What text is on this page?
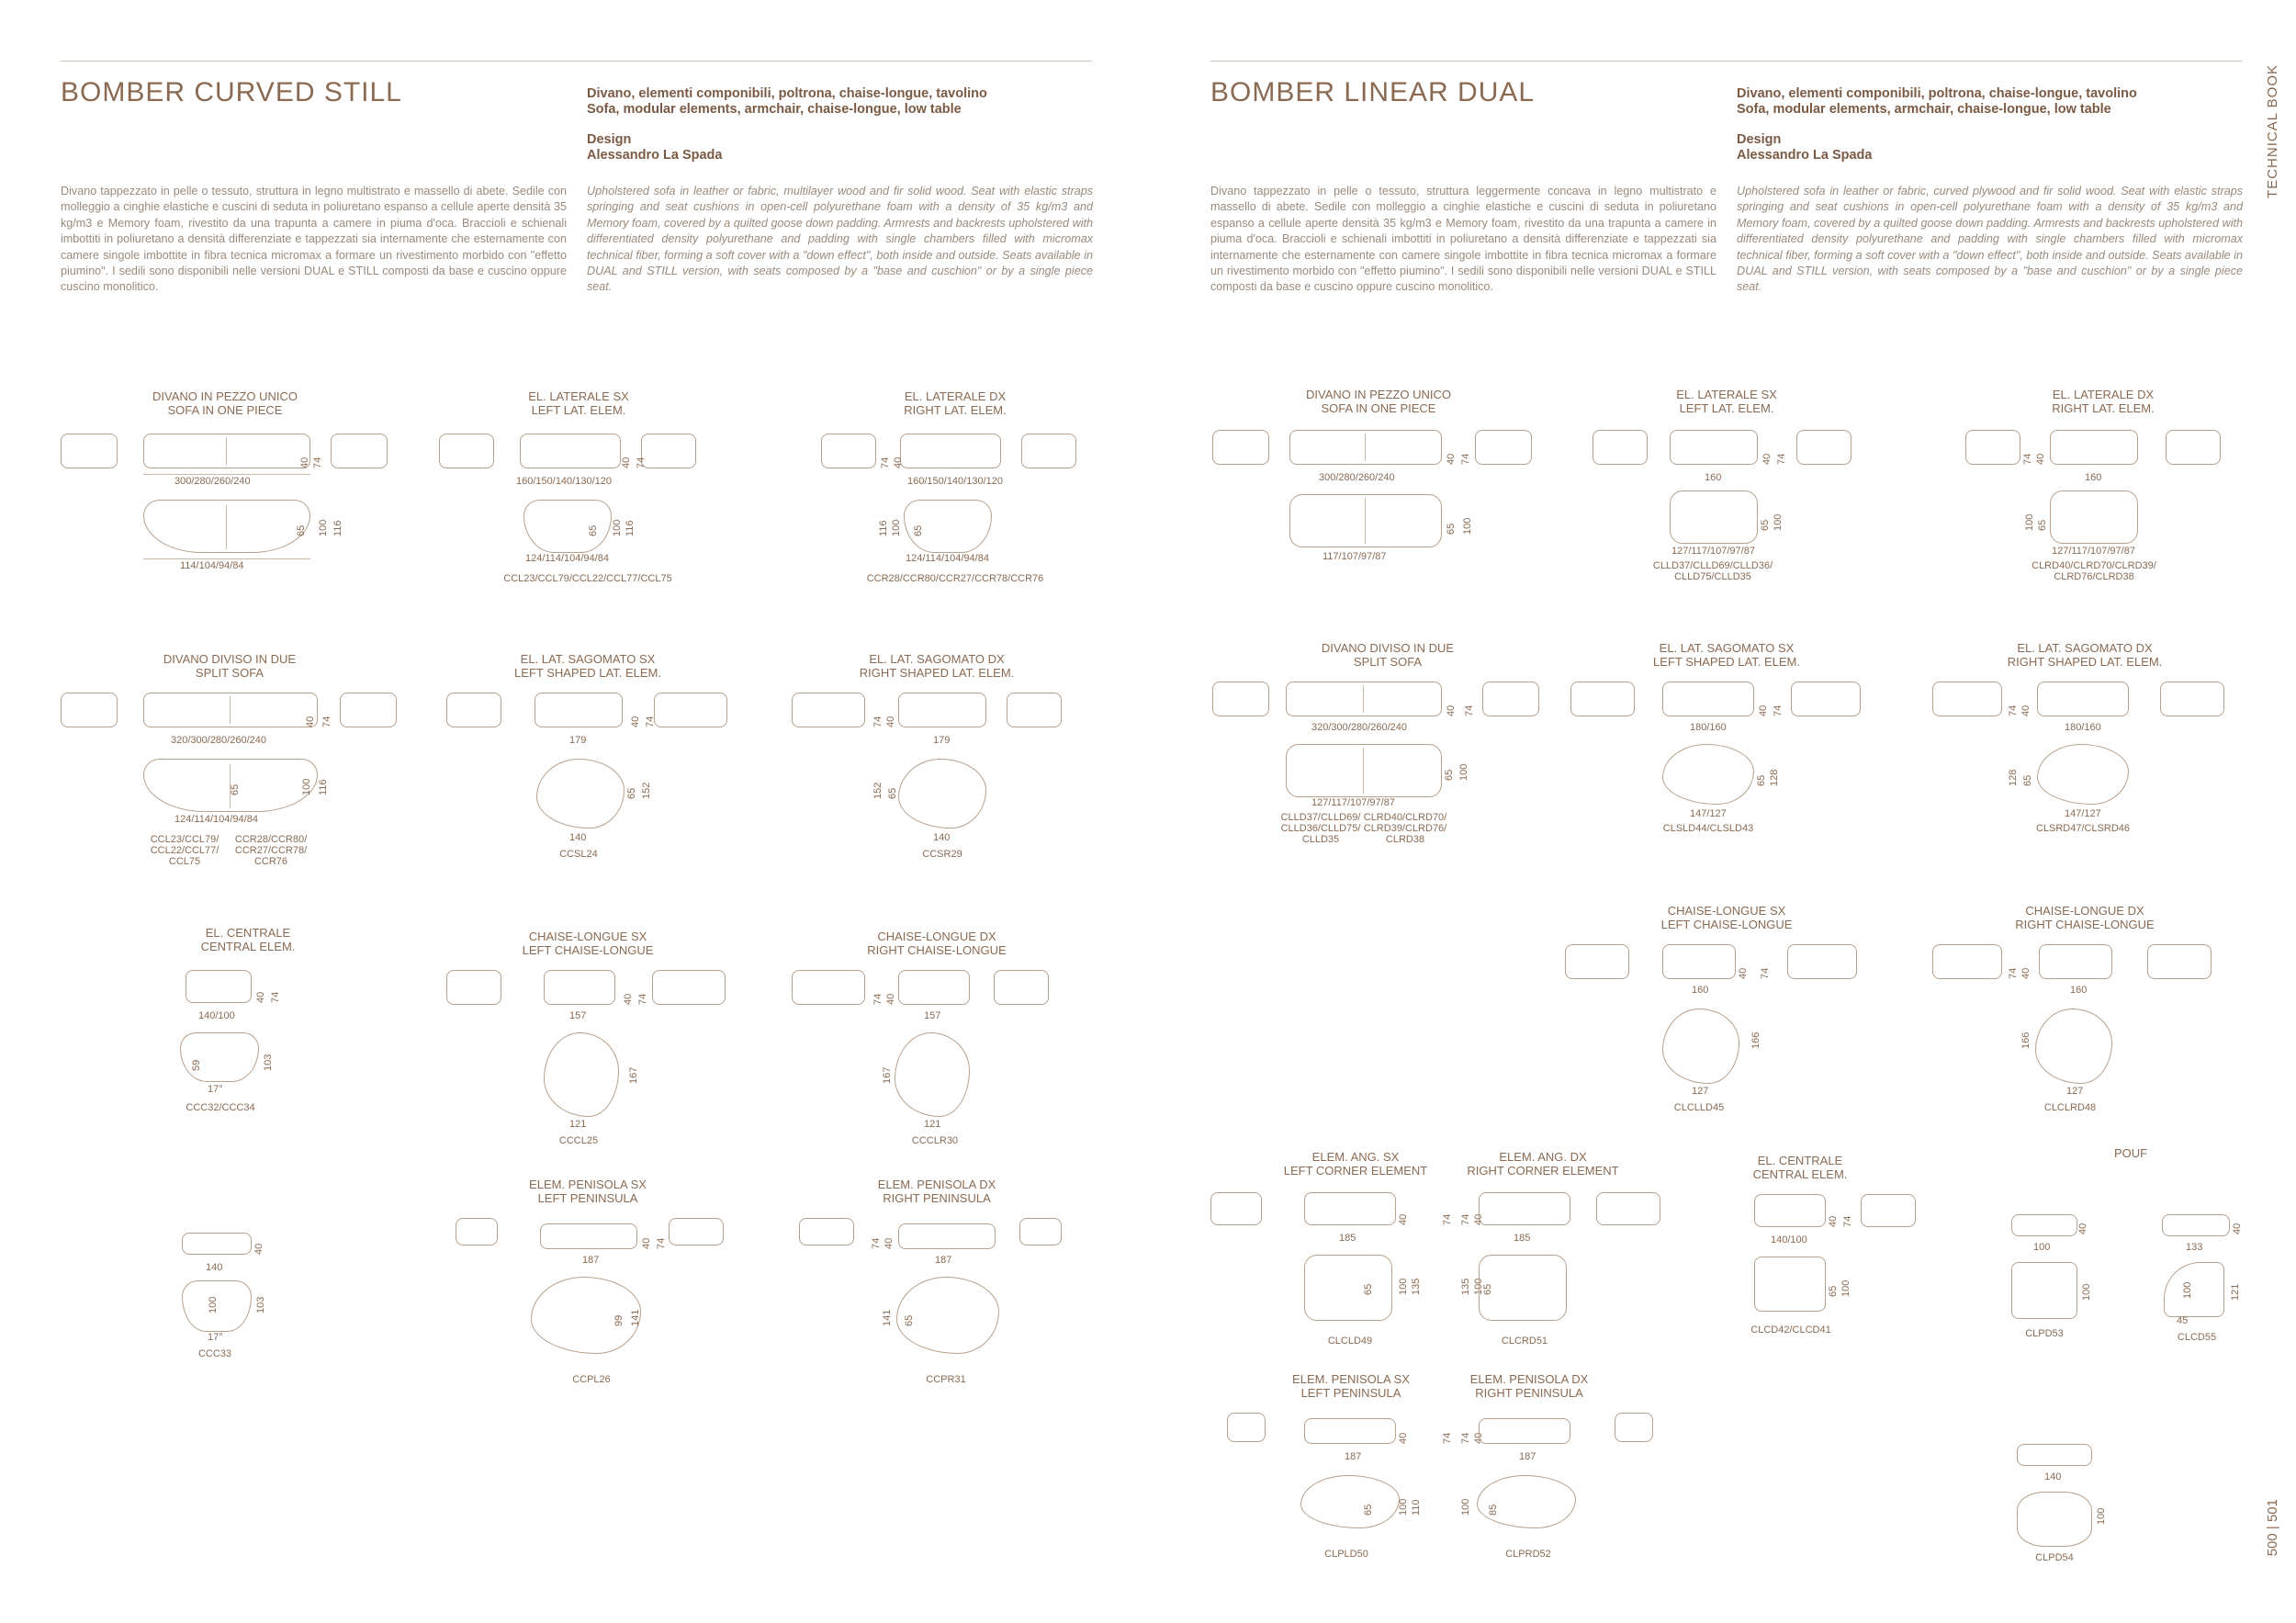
BOMBER CURVED STILL	Divano, elementi componibili, poltrona, chaise-longue, tavolino
Sofa, modular elements, armchair, chaise-longue, low table
Design
Alessandro La Spada

Divano tappezzato in pelle o tessuto, struttura in legno multistrato e massello di abete. Sedile con molleggio a cinghie elastiche e cuscini di seduta in poliuretano espanso a cellule aperte densità 35 kg/m3 e Memory foam, rivestito da una trapunta a camere in piuma d'oca. Braccioli e schienali imbottiti in poliuretano a densità differenziate e tappezzati sia internamente che esternamente con camere singole imbottite in fibra tecnica micromax a formare un rivestimento morbido con "effetto piumino". I sedili sono disponibili nelle versioni DUAL e STILL composti da base e cuscino oppure cuscino monolitico.

Upholstered sofa in leather or fabric, multilayer wood and fir solid wood. Seat with elastic straps springing and seat cushions in open-cell polyurethane foam with a density of 35 kg/m3 and Memory foam, covered by a quilted goose down padding. Armrests and backrests upholstered with differentiated density polyurethane and padding with single chambers filled with micromax technical fiber, forming a soft cover with a "down effect", both inside and outside. Seats available in DUAL and STILL version, with seats composed by a "base and cuschion" or by a single piece seat.

BOMBER LINEAR DUAL	Divano, elementi componibili, poltrona, chaise-longue, tavolino
Sofa, modular elements, armchair, chaise-longue, low table
Design
Alessandro La Spada

Divano tappezzato in pelle o tessuto, struttura leggermente concava in legno multistrato e massello di abete. Sedile con molleggio a cinghie elastiche e cuscini di seduta in poliuretano espanso a cellule aperte densità 35 kg/m3 e Memory foam, rivestito da una trapunta a camere in piuma d'oca. Braccioli e schienali imbottiti in poliuretano a densità differenziate e tappezzati sia internamente che esternamente con camere singole imbottite in fibra tecnica micromax a formare un rivestimento morbido con "effetto piumino". I sedili sono disponibili nelle versioni DUAL e STILL composti da base e cuscino oppure cuscino monolitico.

Upholstered sofa in leather or fabric, curved plywood and fir solid wood. Seat with elastic straps springing and seat cushions in open-cell polyurethane foam with a density of 35 kg/m3 and Memory foam, covered by a quilted goose down padding. Armrests and backrests upholstered with differentiated density polyurethane and padding with single chambers filled with micromax technical fiber, forming a soft cover with a "down effect", both inside and outside. Seats available in DUAL and STILL version, with seats composed by a "base and cuschion" or by a single piece seat.

TECHNICAL BOOK
500 | 501
DIVANO IN PEZZO UNICO
SOFA IN ONE PIECE
300/280/260/240
40 74
65 100 116
114/104/94/84
EL. LATERALE SX
LEFT LAT. ELEM.
160/150/140/130/120
40 74
65 100 116
124/114/104/94/84
CCL23/CCL79/CCL22/CCL77/CCL75
EL. LATERALE DX
RIGHT LAT. ELEM.
74 40
160/150/140/130/120
116 100 65
124/114/104/94/84
CCR28/CCR80/CCR27/CCR78/CCR76
DIVANO DIVISO IN DUE
SPLIT SOFA
320/300/280/260/240
40 74
65	100 116
124/114/104/94/84
CCL23/CCL79/
CCL22/CCL77/
CCL75
CCR28/CCR80/
CCR27/CCR78/
CCR76
EL. LAT. SAGOMATO SX
LEFT SHAPED LAT. ELEM.
179
40 74
65 152
140
CCSL24
EL. LAT. SAGOMATO DX
RIGHT SHAPED LAT. ELEM.
74 40
179
152 65
140
CCSR29
EL. CENTRALE
CENTRAL ELEM.
140/100
40 74
59	103
17°
CCC32/CCC34
CHAISE-LONGUE SX
LEFT CHAISE-LONGUE
157
40 74
167
121
CCCL25
CHAISE-LONGUE DX
RIGHT CHAISE-LONGUE
74 40
157
167
121
CCCLR30
40
140
100	103
17°
CCC33
ELEM. PENISOLA SX
LEFT PENINSULA
40 74
187
99 141
CCPL26
ELEM. PENISOLA DX
RIGHT PENINSULA
74 40
187
141 65
CCPR31
DIVANO IN PEZZO UNICO
SOFA IN ONE PIECE
300/280/260/240
40 74
65 100
117/107/97/87
EL. LATERALE SX
LEFT LAT. ELEM.
160
40 74
65 100
127/117/107/97/87
CLLD37/CLLD69/CLLD36/
CLLD75/CLLD35
EL. LATERALE DX
RIGHT LAT. ELEM.
74 40
160
100 65
127/117/107/97/87
CLRD40/CLRD70/CLRD39/
CLRD76/CLRD38
DIVANO DIVISO IN DUE
SPLIT SOFA
320/300/280/260/240
40 74
65 100
127/117/107/97/87
CLLD37/CLLD69/
CLLD36/CLLD75/
CLLD35
CLRD40/CLRD70/
CLRD39/CLRD76/
CLRD38
EL. LAT. SAGOMATO SX
LEFT SHAPED LAT. ELEM.
180/160
40 74
65 128
147/127
CLSLD44/CLSLD43
EL. LAT. SAGOMATO DX
RIGHT SHAPED LAT. ELEM.
74 40
180/160
128 65
147/127
CLSRD47/CLSRD46
CHAISE-LONGUE SX
LEFT CHAISE-LONGUE
160
40 74
166
127
CLCLLD45
CHAISE-LONGUE DX
RIGHT CHAISE-LONGUE
74 40
160
166
127
CLCLRD48
ELEM. ANG. SX
LEFT CORNER ELEMENT
185
40	74
65 100 135
CLCLD49
ELEM. ANG. DX
RIGHT CORNER ELEMENT
185
74 40
135 100
65
CLCRD51
EL. CENTRALE
CENTRAL ELEM.
40 74
140/100
65 100
CLCD42/CLCD41
POUF
40
100
40
133
100	100	121
45
CLPD53	CLCD55
ELEM. PENISOLA SX
LEFT PENINSULA
40	74
187
65 100 110
CLPLD50
ELEM. PENISOLA DX
RIGHT PENINSULA
74 40
187
100 85
CLPRD52
140
100
CLPD54
